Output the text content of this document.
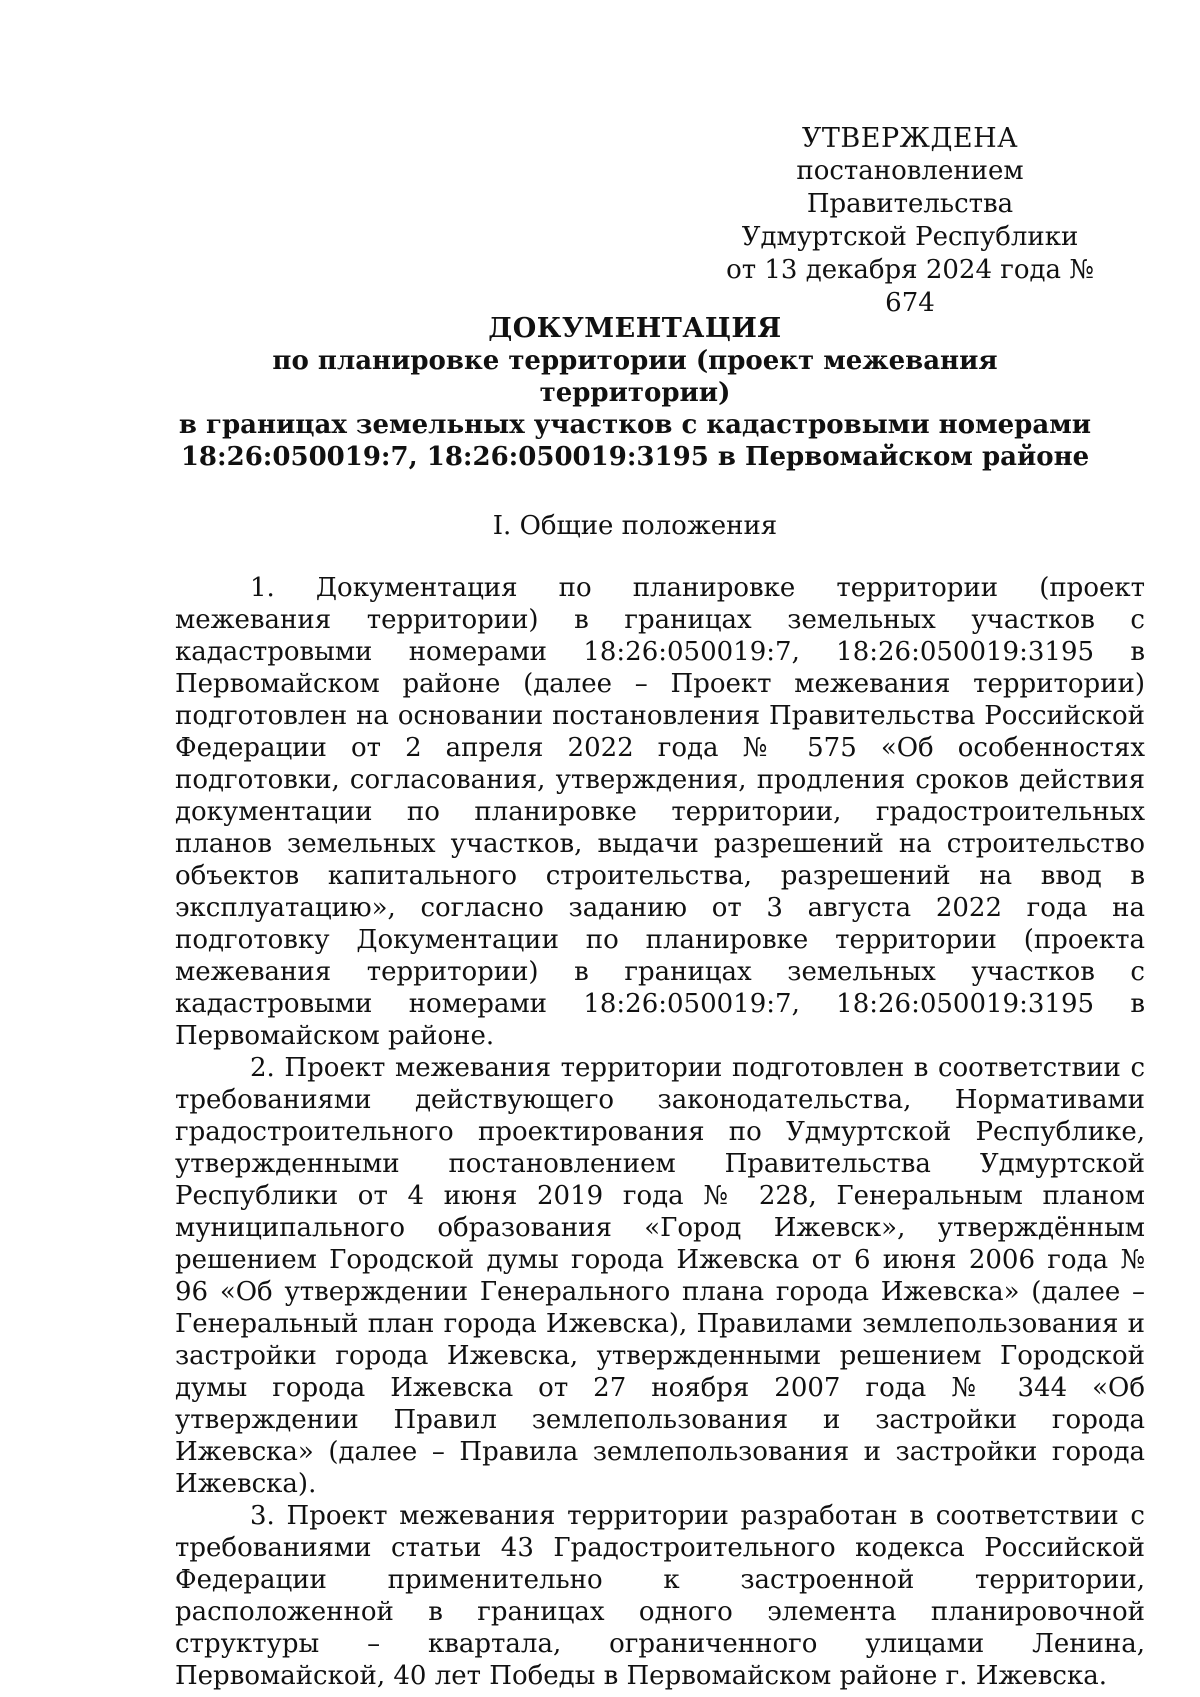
УТВЕРЖДЕНА
постановлением Правительства
Удмуртской Республики
от 13 декабря 2024 года № 674
ДОКУМЕНТАЦИЯ
по планировке территории (проект межевания территории)
в границах земельных участков с кадастровыми номерами
18:26:050019:7, 18:26:050019:3195 в Первомайском районе
I. Общие положения

1. Документация по планировке территории (проект межевания территории) в границах земельных участков с кадастровыми номерами 18:26:050019:7, 18:26:050019:3195 в Первомайском районе (далее – Проект межевания территории) подготовлен на основании постановления Правительства Российской Федерации от 2 апреля 2022 года № 575 «Об особенностях подготовки, согласования, утверждения, продления сроков действия документации по планировке территории, градостроительных планов земельных участков, выдачи разрешений на строительство объектов капитального строительства, разрешений на ввод в эксплуатацию», согласно заданию от 3 августа 2022 года на подготовку Документации по планировке территории (проекта межевания территории) в границах земельных участков с кадастровыми номерами 18:26:050019:7, 18:26:050019:3195 в Первомайском районе.

2. Проект межевания территории подготовлен в соответствии с требованиями действующего законодательства, Нормативами градостроительного проектирования по Удмуртской Республике, утвержденными постановлением Правительства Удмуртской Республики от 4 июня 2019 года № 228, Генеральным планом муниципального образования «Город Ижевск», утверждённым решением Городской думы города Ижевска от 6 июня 2006 года № 96 «Об утверждении Генерального плана города Ижевска» (далее – Генеральный план города Ижевска), Правилами землепользования и застройки города Ижевска, утвержденными решением Городской думы города Ижевска от 27 ноября 2007 года № 344 «Об утверждении Правил землепользования и застройки города Ижевска» (далее – Правила землепользования и застройки города Ижевска).

3. Проект межевания территории разработан в соответствии с требованиями статьи 43 Градостроительного кодекса Российской Федерации применительно к застроенной территории, расположенной в границах одного элемента планировочной структуры – квартала, ограниченного улицами Ленина, Первомайской, 40 лет Победы в Первомайском районе г. Ижевска.
